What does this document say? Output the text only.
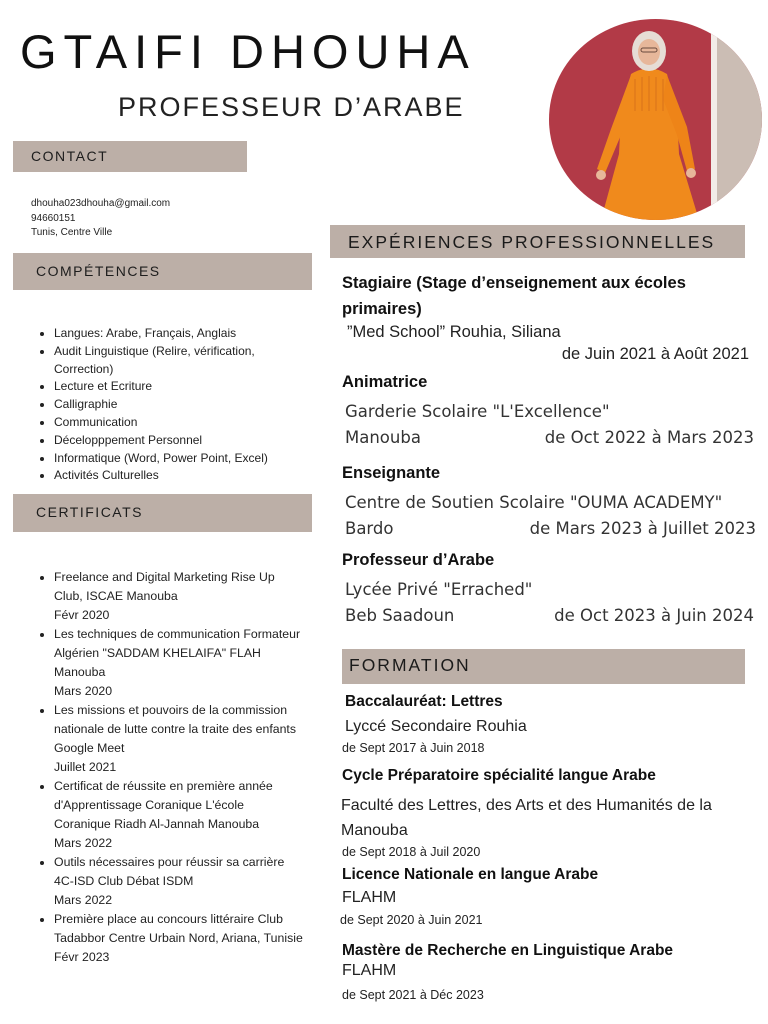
GTAIFI DHOUHA
PROFESSEUR D’ARABE
CONTACT
dhouha023dhouha@gmail.com
94660151
Tunis, Centre Ville
COMPÉTENCES
• Langues: Arabe, Français, Anglais
• Audit Linguistique (Relire, vérification, Correction)
• Lecture et Ecriture
• Calligraphie
• Communication
• Décelopppement Personnel
• Informatique (Word, Power Point, Excel)
• Activités Culturelles
CERTIFICATS
• Freelance and Digital Marketing Rise Up Club, ISCAE Manouba
Févr 2020
• Les techniques de communication Formateur Algérien "SADDAM KHELAIFA" FLAH Manouba
Mars 2020
• Les missions et pouvoirs de la commission nationale de lutte contre la traite des enfants
Google Meet
Juillet 2021
• Certificat de réussite en première année d'Apprentissage Coranique L'école Coranique Riadh Al-Jannah Manouba
Mars 2022
• Outils nécessaires pour réussir sa carrière 4C-ISD Club Débat ISDM
Mars 2022
• Première place au concours littéraire Club Tadabbor Centre Urbain Nord, Ariana, Tunisie
Févr 2023
EXPÉRIENCES PROFESSIONNELLES
Stagiaire (Stage d’enseignement aux écoles primaires)
”Med School” Rouhia, Siliana
de Juin 2021 à Août 2021
Animatrice
Garderie Scolaire "L'Excellence"
Manouba	de Oct 2022 à Mars 2023
Enseignante
Centre de Soutien Scolaire "OUMA ACADEMY"
Bardo	de Mars 2023 à Juillet 2023
Professeur d’Arabe
Lycée Privé "Errached"
Beb Saadoun	de Oct 2023 à Juin 2024
FORMATION
Baccalauréat: Lettres
Lyccé Secondaire Rouhia
de Sept 2017 à Juin 2018
Cycle Préparatoire spécialité langue Arabe
Faculté des Lettres, des Arts et des Humanités de la Manouba
de Sept 2018 à Juil 2020
Licence Nationale en langue Arabe
FLAHM
de Sept 2020 à Juin 2021
Mastère de Recherche en Linguistique Arabe
FLAHM
de Sept 2021 à Déc 2023
